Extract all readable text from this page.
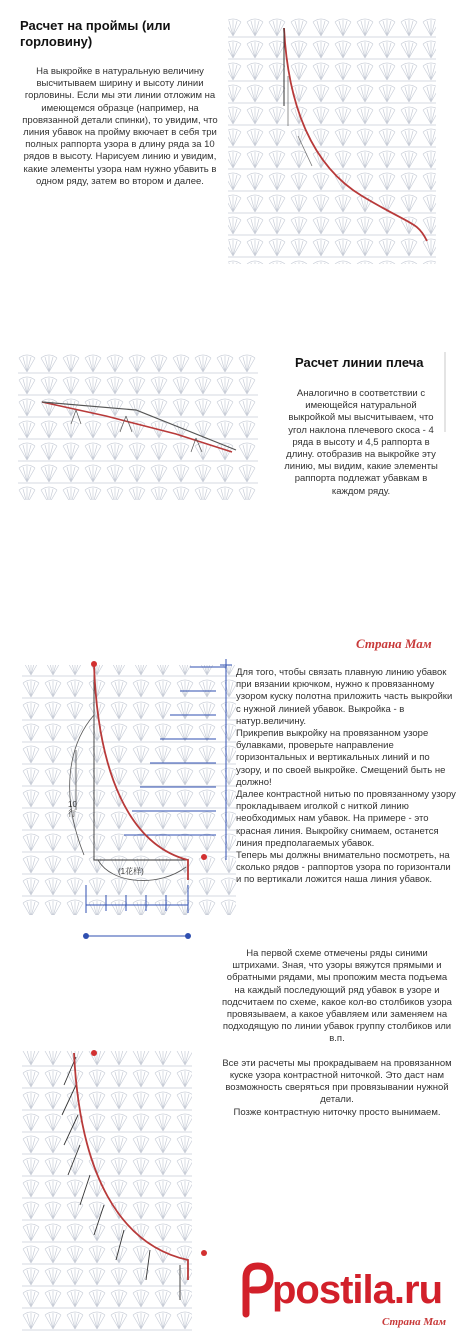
Расчет на проймы (или горловину)
На выкройке в натуральную величину высчитываем ширину и высоту линии горловины. Если мы эти линии отложим на имеющемся образце (например, на провязанной детали спинки), то увидим, что линия убавок на пройму вкючает в себя три полных раппорта узора в длину ряда за 10 рядов в высоту. Нарисуем линию и увидим, какие элементы узора нам нужно убавить в одном ряду, затем во втором и далее.
Расчет линии плеча
Аналогично в соответствии с имеющейся натуральной выкройкой мы высчитываем, что угол наклона плечевого скоса - 4 ряда в высоту и 4,5 раппорта в длину. отобразив на выкройке эту линию, мы видим, какие элементы раппорта подлежат убавкам в каждом ряду.
Страна Мам
10
行
(1花样)
Для того, чтобы связать плавную линию убавок при вязании крючком, нужно к провязанному узором куску полотна приложить часть выкройки с нужной линией убавок. Выкройка - в натур.величину.
Прикрепив выкройку на провязанном узоре булавками, проверьте направление горизонтальных и вертикальных линий и по узору, и по своей выкройке. Смещений быть не должно!
Далее контрастной нитью по провязанному узору прокладываем иголкой с ниткой линию необходимых нам убавок. На примере - это красная линия. Выкройку снимаем, останется линия предполагаемых убавок.
Теперь мы должны внимательно посмотреть, на сколько рядов - раппортов узора по горизонтали и по вертикали ложится наша линия убавок.
На первой схеме отмечены ряды синими штрихами. Зная, что узоры вяжутся прямыми и обратными рядами, мы пропожим места подъема на каждый последующий ряд убавок в узоре и подсчитаем по схеме, какое кол-во столбиков узора провязываем, а какое убавляем или заменяем на подходящую по линии убавок группу столбиков или в.п.

Все эти расчеты мы прокрадываем на провязанном куске узора контрастной ниточкой. Это даст нам возможность сверяться при провязывании нужной детали.
Позже контрастную ниточку просто вынимаем.
postila.ru
Страна Мам
